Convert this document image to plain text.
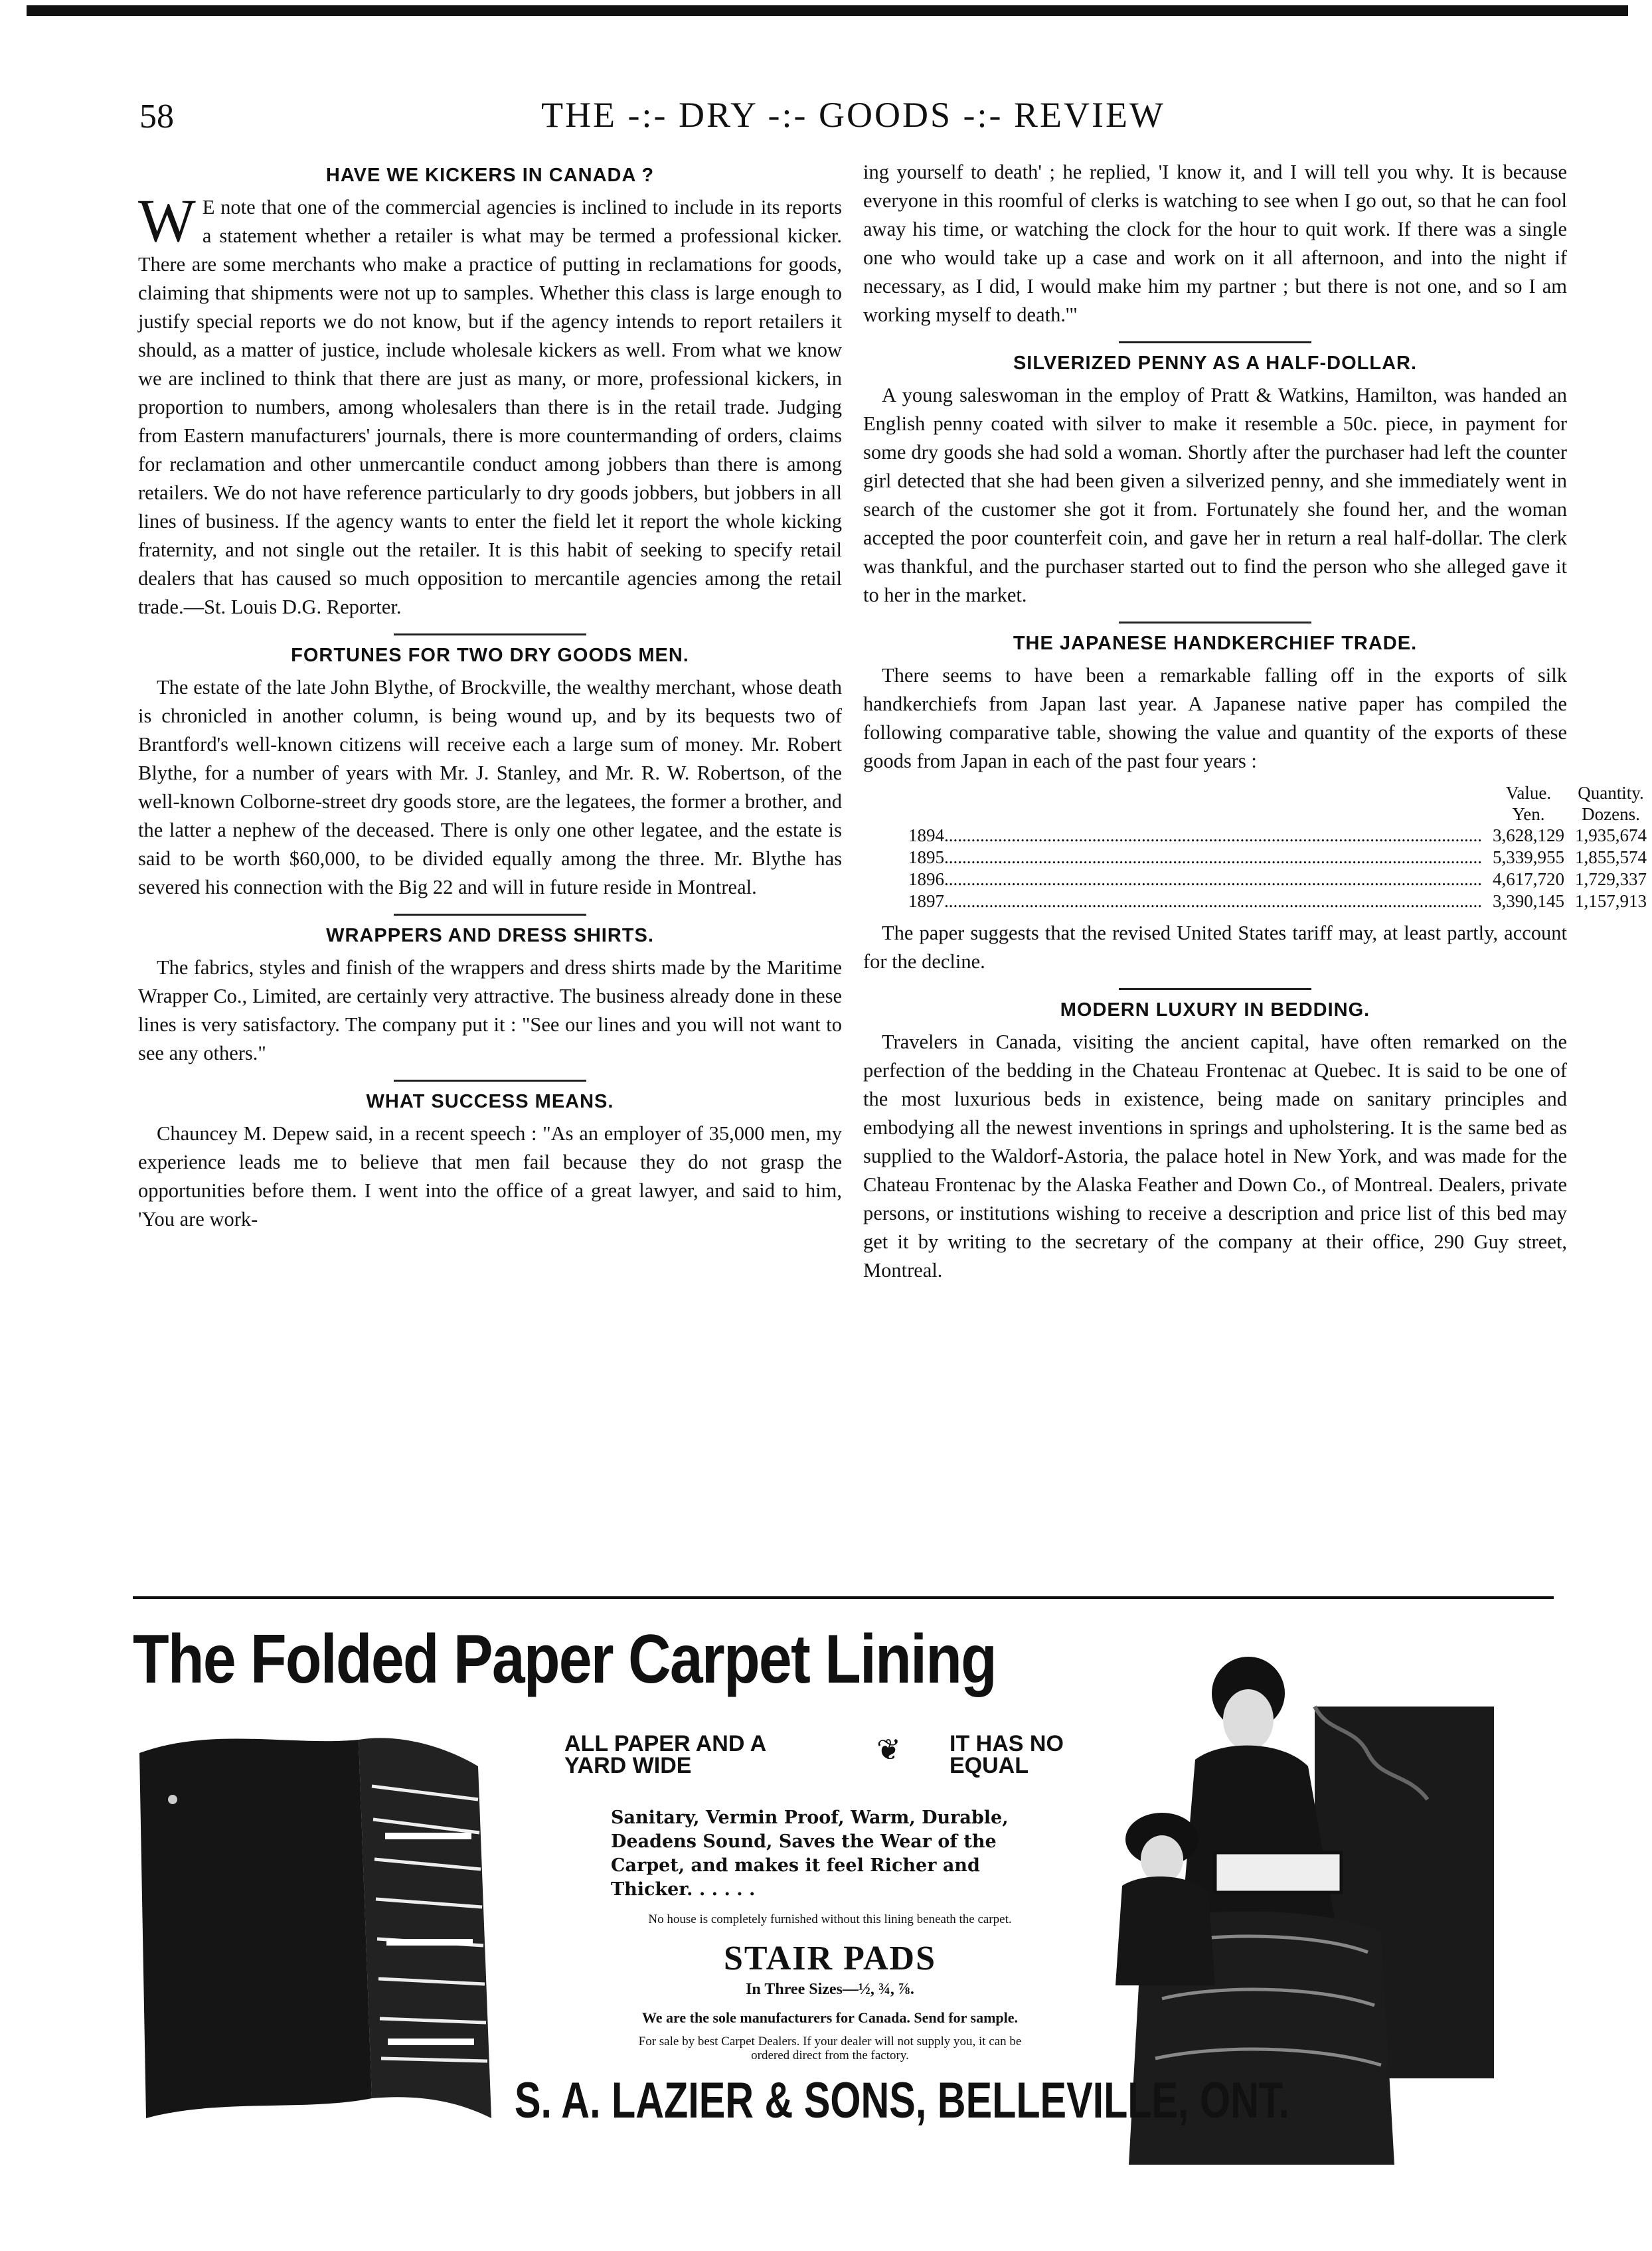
58	THE -:- DRY -:- GOODS -:- REVIEW
HAVE WE KICKERS IN CANADA ?

W E note that one of the commercial agencies is inclined to include in its reports a statement whether a retailer is what may be termed a professional kicker. There are some merchants who make a practice of putting in reclamations for goods, claiming that shipments were not up to samples. Whether this class is large enough to justify special reports we do not know, but if the agency intends to report retailers it should, as a matter of justice, include wholesale kickers as well. From what we know we are inclined to think that there are just as many, or more, professional kickers, in proportion to numbers, among wholesalers than there is in the retail trade. Judging from Eastern manufacturers' journals, there is more countermanding of orders, claims for reclamation and other unmercantile conduct among jobbers than there is among retailers. We do not have reference particularly to dry goods jobbers, but jobbers in all lines of business. If the agency wants to enter the field let it report the whole kicking fraternity, and not single out the retailer. It is this habit of seeking to specify retail dealers that has caused so much opposition to mercantile agencies among the retail trade.—St. Louis D.G. Reporter.

FORTUNES FOR TWO DRY GOODS MEN.

The estate of the late John Blythe, of Brockville, the wealthy merchant, whose death is chronicled in another column, is being wound up, and by its bequests two of Brantford's well-known citizens will receive each a large sum of money. Mr. Robert Blythe, for a number of years with Mr. J. Stanley, and Mr. R. W. Robertson, of the well-known Colborne-street dry goods store, are the legatees, the former a brother, and the latter a nephew of the deceased. There is only one other legatee, and the estate is said to be worth $60,000, to be divided equally among the three. Mr. Blythe has severed his connection with the Big 22 and will in future reside in Montreal.

WRAPPERS AND DRESS SHIRTS.

The fabrics, styles and finish of the wrappers and dress shirts made by the Maritime Wrapper Co., Limited, are certainly very attractive. The business already done in these lines is very satisfactory. The company put it : "See our lines and you will not want to see any others."

WHAT SUCCESS MEANS.

Chauncey M. Depew said, in a recent speech : "As an employer of 35,000 men, my experience leads me to believe that men fail because they do not grasp the opportunities before them. I went into the office of a great lawyer, and said to him, 'You are work-

ing yourself to death' ; he replied, 'I know it, and I will tell you why. It is because everyone in this roomful of clerks is watching to see when I go out, so that he can fool away his time, or watching the clock for the hour to quit work. If there was a single one who would take up a case and work on it all afternoon, and into the night if necessary, as I did, I would make him my partner ; but there is not one, and so I am working myself to death.'"

SILVERIZED PENNY AS A HALF-DOLLAR.

A young saleswoman in the employ of Pratt & Watkins, Hamilton, was handed an English penny coated with silver to make it resemble a 50c. piece, in payment for some dry goods she had sold a woman. Shortly after the purchaser had left the counter girl detected that she had been given a silverized penny, and she immediately went in search of the customer she got it from. Fortunately she found her, and the woman accepted the poor counterfeit coin, and gave her in return a real half-dollar. The clerk was thankful, and the purchaser started out to find the person who she alleged gave it to her in the market.

THE JAPANESE HANDKERCHIEF TRADE.

There seems to have been a remarkable falling off in the exports of silk handkerchiefs from Japan last year. A Japanese native paper has compiled the following comparative table, showing the value and quantity of the exports of these goods from Japan in each of the past four years :

	Value.	Quantity.
	Yen.	Dozens.
1894........................................................................................................................	3,628,129	1,935,674
1895........................................................................................................................	5,339,955	1,855,574
1896........................................................................................................................	4,617,720	1,729,337
1897........................................................................................................................	3,390,145	1,157,913

The paper suggests that the revised United States tariff may, at least partly, account for the decline.

MODERN LUXURY IN BEDDING.

Travelers in Canada, visiting the ancient capital, have often remarked on the perfection of the bedding in the Chateau Frontenac at Quebec. It is said to be one of the most luxurious beds in existence, being made on sanitary principles and embodying all the newest inventions in springs and upholstering. It is the same bed as supplied to the Waldorf-Astoria, the palace hotel in New York, and was made for the Chateau Frontenac by the Alaska Feather and Down Co., of Montreal. Dealers, private persons, or institutions wishing to receive a description and price list of this bed may get it by writing to the secretary of the company at their office, 290 Guy street, Montreal.

The Folded Paper Carpet Lining
ALL PAPER AND A YARD WIDE	❦ IT HAS NO EQUAL
Sanitary, Vermin Proof, Warm, Durable, Deadens Sound, Saves the Wear of the Carpet, and makes it feel Richer and Thicker. . . . . .
No house is completely furnished without this lining beneath the carpet.
STAIR PADS
In Three Sizes—½, ¾, ⅞.
We are the sole manufacturers for Canada. Send for sample.
For sale by best Carpet Dealers. If your dealer will not supply you, it can be ordered direct from the factory.
S. A. LAZIER & SONS, BELLEVILLE, ONT.
